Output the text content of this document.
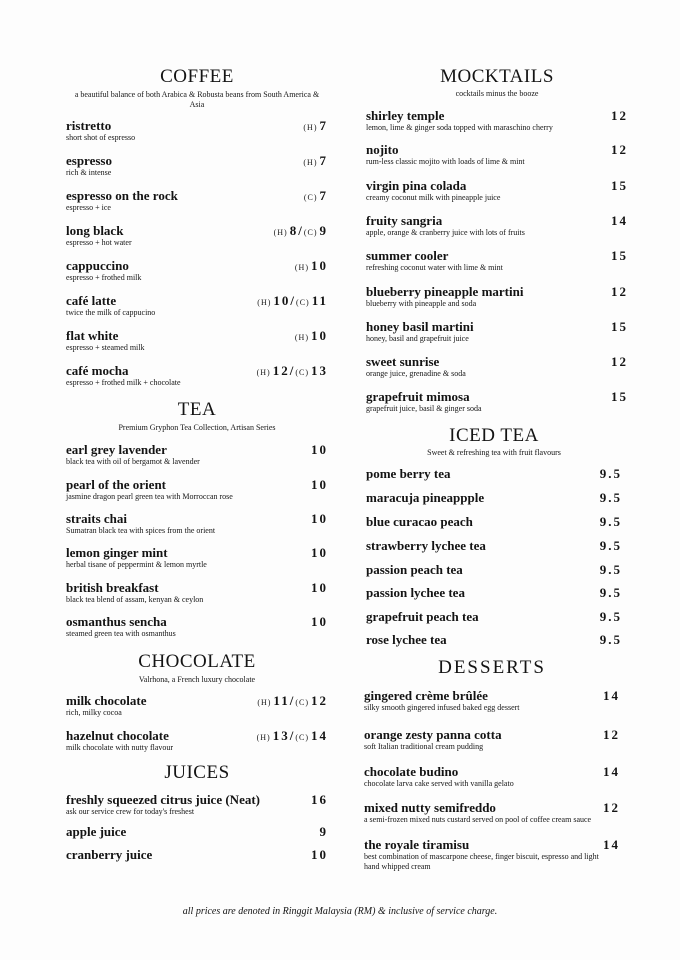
all prices are denoted in Ringgit Malaysia (RM) & inclusive of service charge.
COFFEE
a beautiful balance of both Arabica & Robusta beans from South America & Asia
ristretto
short shot of espresso
(H) 7
espresso
rich & intense
(H) 7
espresso on the rock
espresso + ice
(C) 7
long black
espresso + hot water
(H) 8/(C) 9
cappuccino
espresso + frothed milk
(H) 10
café latte
twice the milk of cappucino
(H) 10/(C) 11
flat white
espresso + steamed milk
(H) 10
café mocha
espresso + frothed milk + chocolate
(H) 12/(C) 13
TEA
Premium Gryphon Tea Collection, Artisan Series
earl grey lavender
black tea with oil of bergamot & lavender
10
pearl of the orient
jasmine dragon pearl green tea with Morroccan rose
10
straits chai
Sumatran black tea with spices from the orient
10
lemon ginger mint
herbal tisane of peppermint & lemon myrtle
10
british breakfast
black tea blend of assam, kenyan & ceylon
10
osmanthus sencha
steamed green tea with osmanthus
10
CHOCOLATE
Valrhona, a French luxury chocolate
milk chocolate
rich, milky cocoa
(H) 11/(C) 12
hazelnut chocolate
milk chocolate with nutty flavour
(H) 13/(C) 14
JUICES
freshly squeezed citrus juice (Neat)
ask our service crew for today's freshest
16
apple juice	9
cranberry juice	10
MOCKTAILS
cocktails minus the booze
shirley temple
lemon, lime & ginger soda topped with maraschino cherry
12
nojito
rum-less classic mojito with loads of lime & mint
12
virgin pina colada
creamy coconut milk with pineapple juice
15
fruity sangria
apple, orange & cranberry juice with lots of fruits
14
summer cooler
refreshing coconut water with lime & mint
15
blueberry pineapple martini
blueberry with pineapple and soda
12
honey basil martini
honey, basil and grapefruit juice
15
sweet sunrise
orange juice, grenadine & soda
12
grapefruit mimosa
grapefruit juice, basil & ginger soda
15
ICED TEA
Sweet & refreshing tea with fruit flavours
pome berry tea	9.5
maracuja pineappple	9.5
blue curacao peach	9.5
strawberry lychee tea	9.5
passion peach tea	9.5
passion lychee tea	9.5
grapefruit peach tea	9.5
rose lychee tea	9.5
DESSERTS
gingered crème brûlée
silky smooth gingered infused baked egg dessert
14
orange zesty panna cotta
soft Italian traditional cream pudding
12
chocolate budino
chocolate larva cake served with vanilla gelato
14
mixed nutty semifreddo
a semi-frozen mixed nuts custard served on pool of coffee cream sauce
12
the royale tiramisu
best combination of mascarpone cheese, finger biscuit, espresso and light hand whipped cream
14
